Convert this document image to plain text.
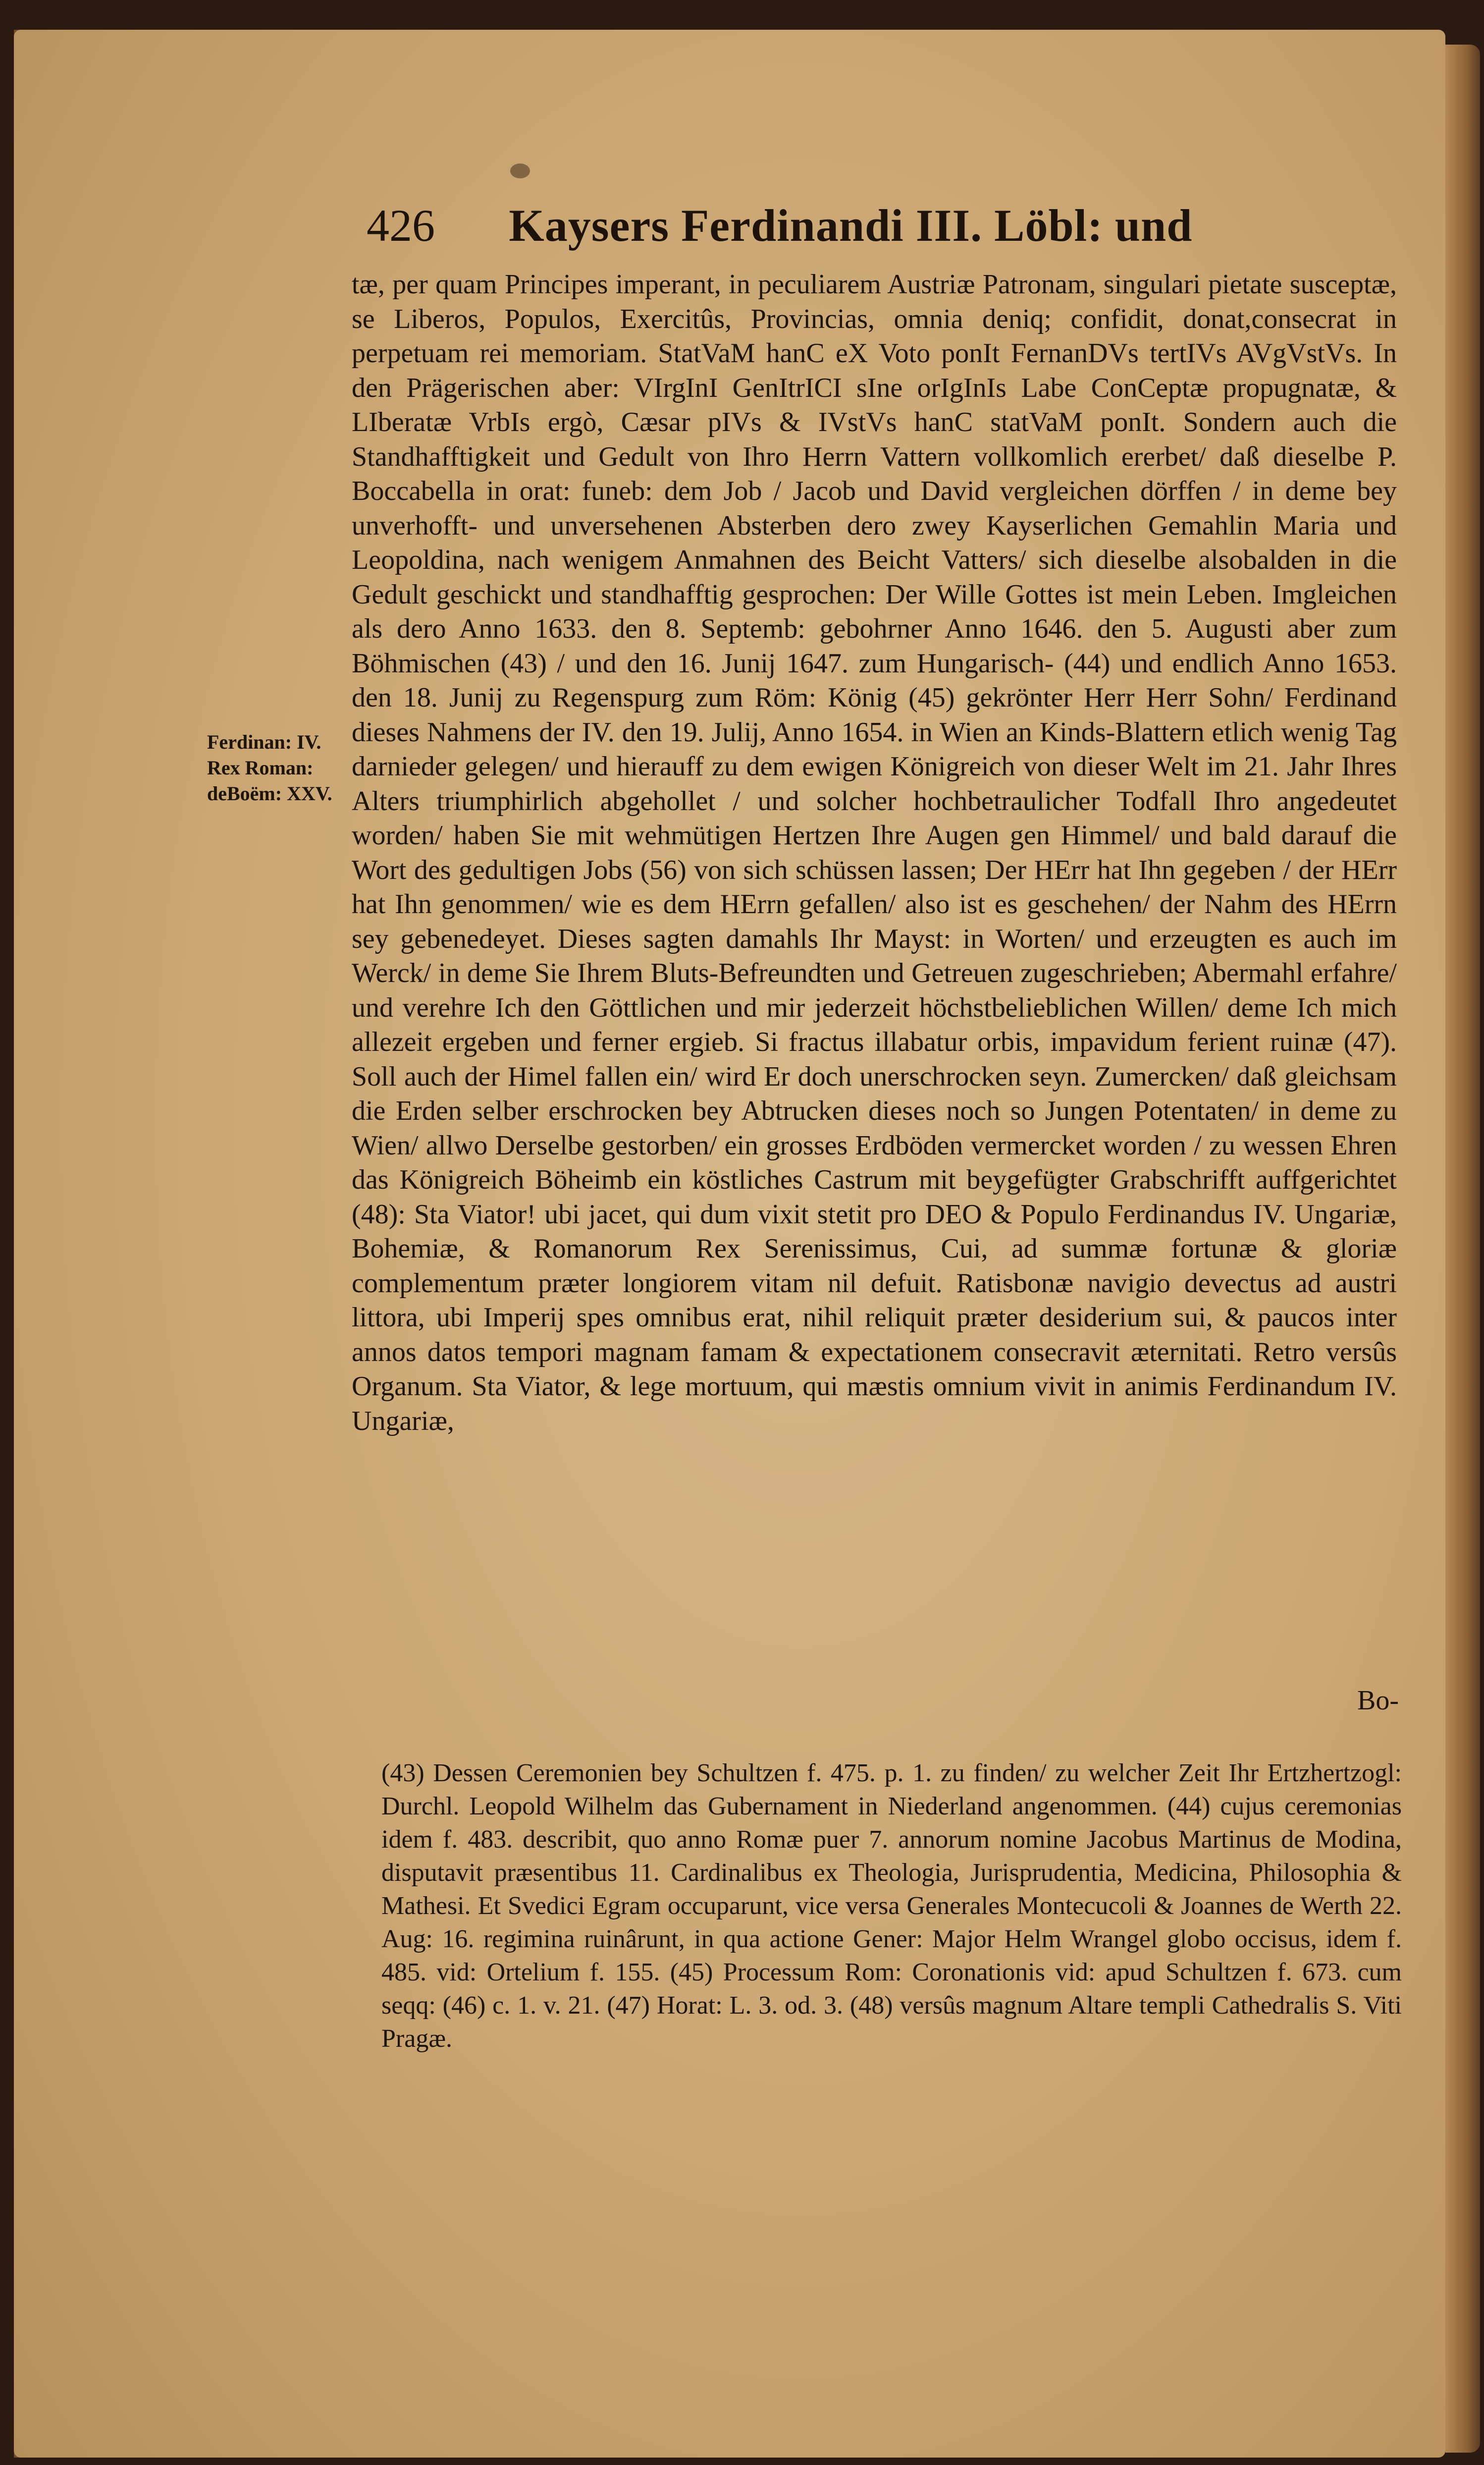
426 Kaysers Ferdinandi III. Löbl: und
Ferdinan: IV.
Rex Roman:
deBoëm: XXV.

tæ, per quam Principes imperant, in peculiarem Austriæ Patronam, singulari pietate susceptæ, se Liberos, Populos, Exercitûs, Provincias, omnia deniq; confidit, donat,consecrat in perpetuam rei memoriam. StatVaM hanC eX Voto ponIt FernanDVs tertIVs AVgVstVs. In den Prägerischen aber: VIrgInI GenItrICI sIne orIgInIs Labe ConCeptæ propugnatæ, & LIberatæ VrbIs ergò, Cæsar pIVs & IVstVs hanC statVaM ponIt. Sondern auch die Standhafftigkeit und Gedult von Ihro Herrn Vattern vollkomlich ererbet/ daß dieselbe P. Boccabella in orat: funeb: dem Job / Jacob und David vergleichen dörffen / in deme bey unverhofft- und unversehenen Absterben dero zwey Kayserlichen Gemahlin Maria und Leopoldina, nach wenigem Anmahnen des Beicht Vatters/ sich dieselbe alsobalden in die Gedult geschickt und standhafftig gesprochen: Der Wille Gottes ist mein Leben. Imgleichen als dero Anno 1633. den 8. Septemb: gebohrner Anno 1646. den 5. Augusti aber zum Böhmischen (43) / und den 16. Junij 1647. zum Hungarisch- (44) und endlich Anno 1653. den 18. Junij zu Regenspurg zum Röm: König (45) gekrönter Herr Herr Sohn/ Ferdinand dieses Nahmens der IV. den 19. Julij, Anno 1654. in Wien an Kinds-Blattern etlich wenig Tag darnieder gelegen/ und hierauff zu dem ewigen Königreich von dieser Welt im 21. Jahr Ihres Alters triumphirlich abgehollet / und solcher hochbetraulicher Todfall Ihro angedeutet worden/ haben Sie mit wehmütigen Hertzen Ihre Augen gen Himmel/ und bald darauf die Wort des gedultigen Jobs (56) von sich schüssen lassen; Der HErr hat Ihn gegeben / der HErr hat Ihn genommen/ wie es dem HErrn gefallen/ also ist es geschehen/ der Nahm des HErrn sey gebenedeyet. Dieses sagten damahls Ihr Mayst: in Worten/ und erzeugten es auch im Werck/ in deme Sie Ihrem Bluts-Befreundten und Getreuen zugeschrieben; Abermahl erfahre/ und verehre Ich den Göttlichen und mir jederzeit höchstbelieblichen Willen/ deme Ich mich allezeit ergeben und ferner ergieb. Si fractus illabatur orbis, impavidum ferient ruinæ (47). Soll auch der Himel fallen ein/ wird Er doch unerschrocken seyn. Zumercken/ daß gleichsam die Erden selber erschrocken bey Abtrucken dieses noch so Jungen Potentaten/ in deme zu Wien/ allwo Derselbe gestorben/ ein grosses Erdböden vermercket worden / zu wessen Ehren das Königreich Böheimb ein köstliches Castrum mit beygefügter Grabschrifft auffgerichtet (48): Sta Viator! ubi jacet, qui dum vixit stetit pro DEO & Populo Ferdinandus IV. Ungariæ, Bohemiæ, & Romanorum Rex Serenissimus, Cui, ad summæ fortunæ & gloriæ complementum præter longiorem vitam nil defuit. Ratisbonæ navigio devectus ad austri littora, ubi Imperij spes omnibus erat, nihil reliquit præter desiderium sui, & paucos inter annos datos tempori magnam famam & expectationem consecravit æternitati. Retro versûs Organum. Sta Viator, & lege mortuum, qui mæstis omnium vivit in animis Ferdinandum IV. Ungariæ,

Bo-

(43) Dessen Ceremonien bey Schultzen f. 475. p. 1. zu finden/ zu welcher Zeit Ihr Ertzhertzogl: Durchl. Leopold Wilhelm das Gubernament in Niederland angenommen. (44) cujus ceremonias idem f. 483. describit, quo anno Romæ puer 7. annorum nomine Jacobus Martinus de Modina, disputavit præsentibus 11. Cardinalibus ex Theologia, Jurisprudentia, Medicina, Philosophia & Mathesi. Et Svedici Egram occuparunt, vice versa Generales Montecucoli & Joannes de Werth 22. Aug: 16. regimina ruinârunt, in qua actione Gener: Major Helm Wrangel globo occisus, idem f. 485. vid: Ortelium f. 155. (45) Processum Rom: Coronationis vid: apud Schultzen f. 673. cum seqq: (46) c. 1. v. 21. (47) Horat: L. 3. od. 3. (48) versûs magnum Altare templi Cathedralis S. Viti Pragæ.
